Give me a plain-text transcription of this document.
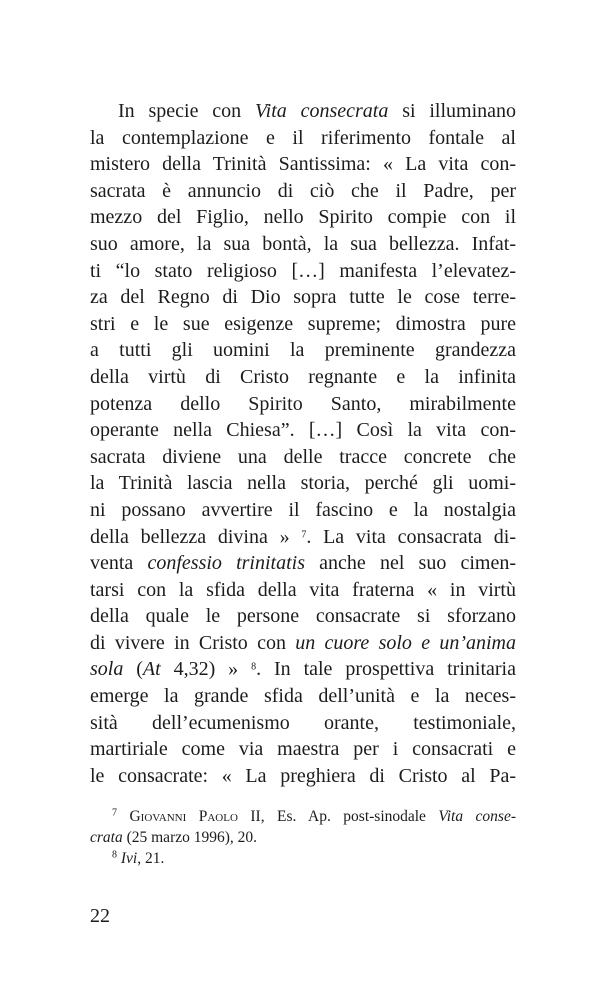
In specie con Vita consecrata si illuminano
la contemplazione e il riferimento fontale al
mistero della Trinità Santissima: « La vita con-
sacrata è annuncio di ciò che il Padre, per
mezzo del Figlio, nello Spirito compie con il
suo amore, la sua bontà, la sua bellezza. Infat-
ti “lo stato religioso […] manifesta l’elevatez-
za del Regno di Dio sopra tutte le cose terre-
stri e le sue esigenze supreme; dimostra pure
a tutti gli uomini la preminente grandezza
della virtù di Cristo regnante e la infinita
potenza dello Spirito Santo, mirabilmente
operante nella Chiesa”. […] Così la vita con-
sacrata diviene una delle tracce concrete che
la Trinità lascia nella storia, perché gli uomi-
ni possano avvertire il fascino e la nostalgia
della bellezza divina » $^7$. La vita consacrata di-
venta confessio trinitatis anche nel suo cimen-
tarsi con la sfida della vita fraterna « in virtù
della quale le persone consacrate si sforzano
di vivere in Cristo con un cuore solo e un’anima
sola (At 4,32) » $^8$. In tale prospettiva trinitaria
emerge la grande sfida dell’unità e la neces-
sità dell’ecumenismo orante, testimoniale,
martiriale come via maestra per i consacrati e
le consacrate: « La preghiera di Cristo al Pa-
$^7$ Giovanni Paolo II, Es. Ap. post-sinodale Vita conse-
crata (25 marzo 1996), 20.
$^8$ Ivi, 21.
22
